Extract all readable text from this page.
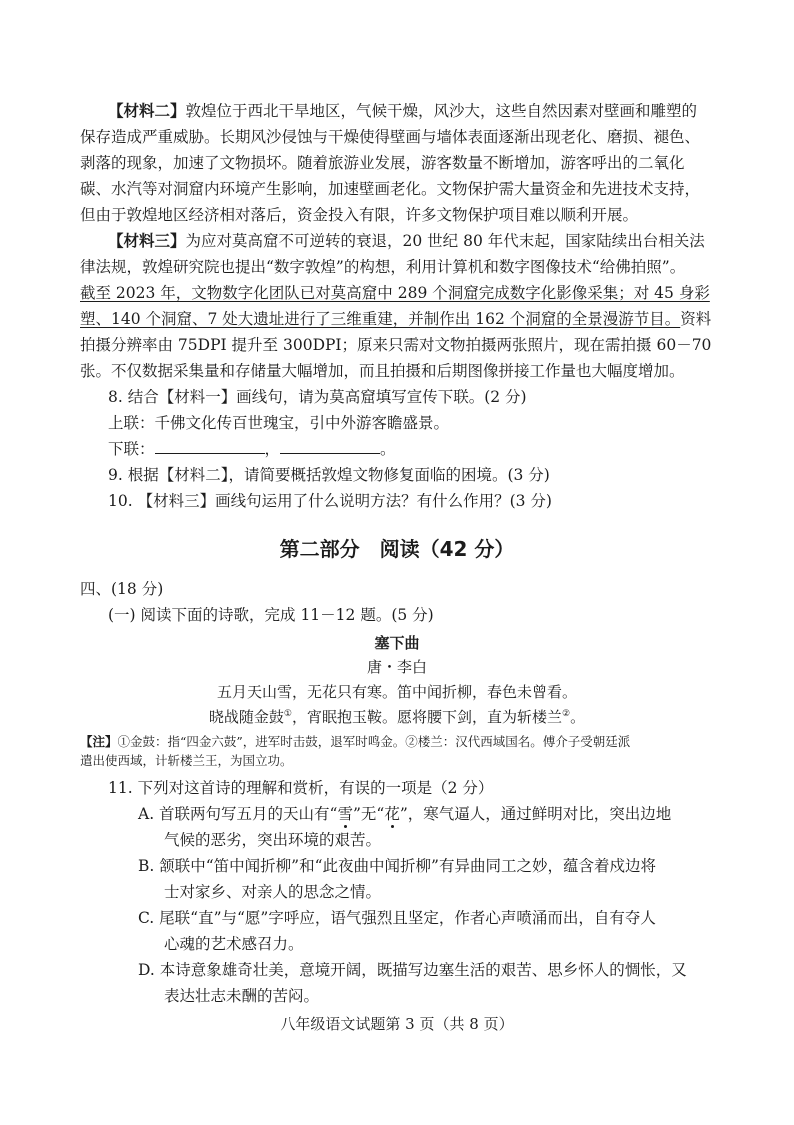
【材料二】敦煌位于西北干旱地区，气候干燥，风沙大，这些自然因素对壁画和雕塑的
保存造成严重威胁。长期风沙侵蚀与干燥使得壁画与墙体表面逐渐出现老化、磨损、褪色、
剥落的现象，加速了文物损坏。随着旅游业发展，游客数量不断增加，游客呼出的二氧化
碳、水汽等对洞窟内环境产生影响，加速壁画老化。文物保护需大量资金和先进技术支持，
但由于敦煌地区经济相对落后，资金投入有限，许多文物保护项目难以顺利开展。
【材料三】为应对莫高窟不可逆转的衰退，20 世纪 80 年代末起，国家陆续出台相关法
律法规，敦煌研究院也提出“数字敦煌”的构想，利用计算机和数字图像技术“给佛拍照”。
截至 2023 年，文物数字化团队已对莫高窟中 289 个洞窟完成数字化影像采集；对 45 身彩
塑、140 个洞窟、7 处大遗址进行了三维重建，并制作出 162 个洞窟的全景漫游节目。资料
拍摄分辨率由 75DPI 提升至 300DPI；原来只需对文物拍摄两张照片，现在需拍摄 60－70
张。不仅数据采集量和存储量大幅增加，而且拍摄和后期图像拼接工作量也大幅度增加。
8. 结合【材料一】画线句，请为莫高窟填写宣传下联。(2 分)
上联：千佛文化传百世瑰宝，引中外游客瞻盛景。
下联：	，	。
9. 根据【材料二】，请简要概括敦煌文物修复面临的困境。(3 分)
10. 【材料三】画线句运用了什么说明方法？有什么作用？(3 分)
第二部分　阅读（42 分）
四、(18 分)
(一) 阅读下面的诗歌，完成 11－12 题。(5 分)
塞下曲
唐・李白
五月天山雪，无花只有寒。笛中闻折柳，春色未曾看。
晓战随金鼓①，宵眠抱玉鞍。愿将腰下剑，直为斩楼兰②。
【注】①金鼓：指“四金六鼓”，进军时击鼓，退军时鸣金。②楼兰：汉代西域国名。傅介子受朝廷派
遣出使西域，计斩楼兰王，为国立功。
11. 下列对这首诗的理解和赏析，有误的一项是（2 分）
A. 首联两句写五月的天山有“雪”无“花”，寒气逼人，通过鲜明对比，突出边地
气候的恶劣，突出环境的艰苦。
B. 颔联中“笛中闻折柳”和“此夜曲中闻折柳”有异曲同工之妙，蕴含着戍边将
士对家乡、对亲人的思念之情。
C. 尾联“直”与“愿”字呼应，语气强烈且坚定，作者心声喷涌而出，自有夺人
心魂的艺术感召力。
D. 本诗意象雄奇壮美，意境开阔，既描写边塞生活的艰苦、思乡怀人的惆怅，又
表达壮志未酬的苦闷。
八年级语文试题第 3 页（共 8 页）
